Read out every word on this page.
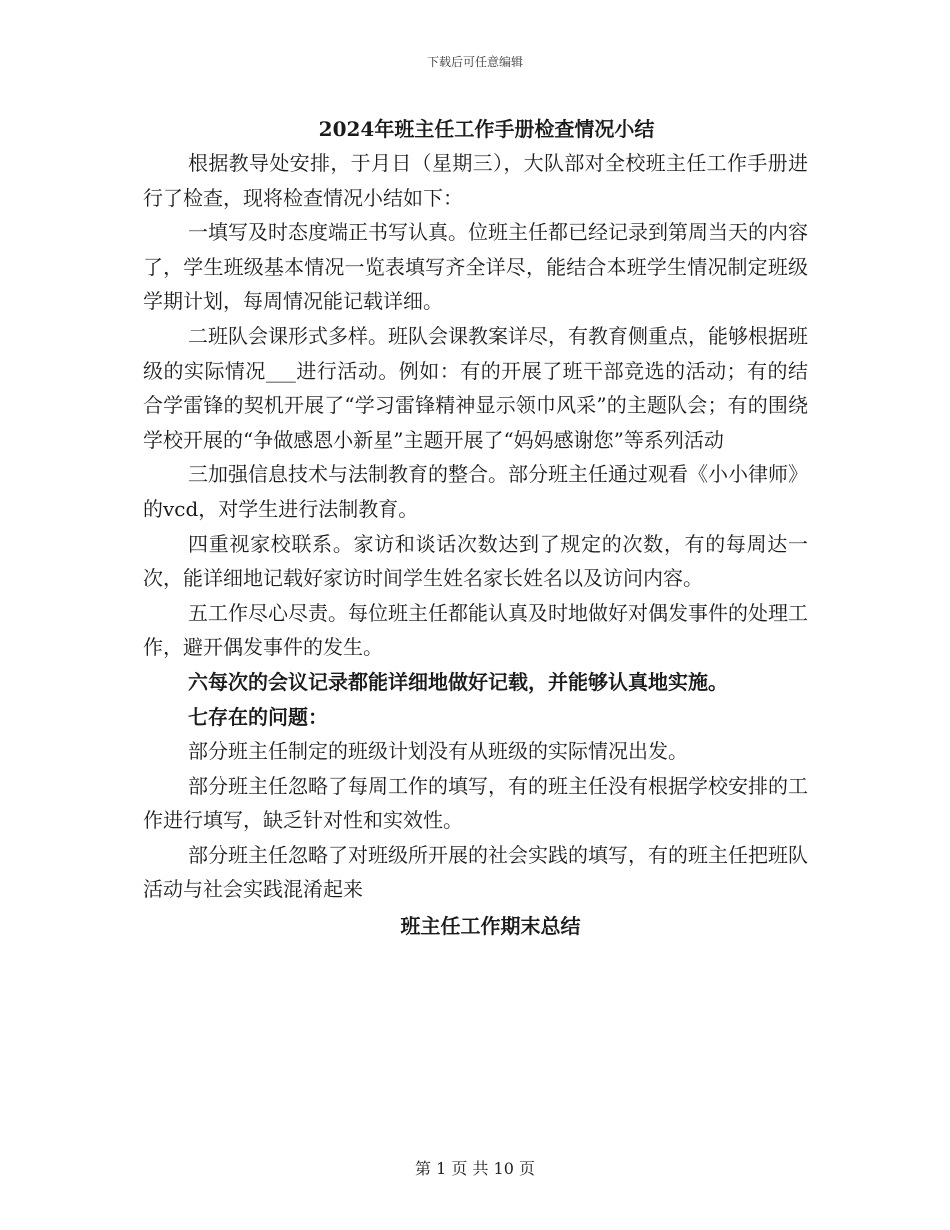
下载后可任意编辑
2024年班主任工作手册检查情况小结

根据教导处安排，于月日（星期三），大队部对全校班主任工作手册进行了检查，现将检查情况小结如下：

一填写及时态度端正书写认真。位班主任都已经记录到第周当天的内容了，学生班级基本情况一览表填写齐全详尽，能结合本班学生情况制定班级学期计划，每周情况能记载详细。

二班队会课形式多样。班队会课教案详尽，有教育侧重点，能够根据班级的实际情况___进行活动。例如：有的开展了班干部竞选的活动；有的结合学雷锋的契机开展了“学习雷锋精神显示领巾风采”的主题队会；有的围绕学校开展的“争做感恩小新星”主题开展了“妈妈感谢您”等系列活动

三加强信息技术与法制教育的整合。部分班主任通过观看《小小律师》的vcd，对学生进行法制教育。

四重视家校联系。家访和谈话次数达到了规定的次数，有的每周达一次，能详细地记载好家访时间学生姓名家长姓名以及访问内容。

五工作尽心尽责。每位班主任都能认真及时地做好对偶发事件的处理工作，避开偶发事件的发生。

六每次的会议记录都能详细地做好记载，并能够认真地实施。

七存在的问题：

部分班主任制定的班级计划没有从班级的实际情况出发。

部分班主任忽略了每周工作的填写，有的班主任没有根据学校安排的工作进行填写，缺乏针对性和实效性。

部分班主任忽略了对班级所开展的社会实践的填写，有的班主任把班队活动与社会实践混淆起来

班主任工作期末总结
第 1 页 共 10 页
